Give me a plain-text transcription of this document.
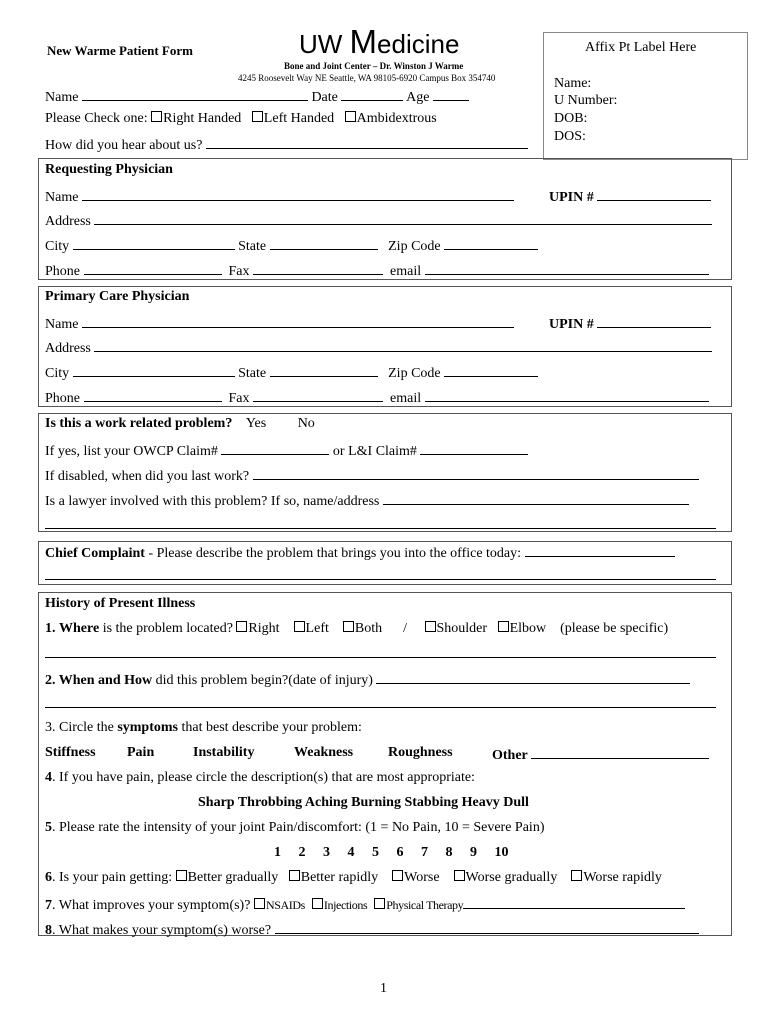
New Warme Patient Form	UW Medicine
Bone and Joint Center – Dr. Winston J Warme
4245 Roosevelt Way NE Seattle, WA 98105-6920 Campus Box 354740
Affix Pt Label Here
Name:
U Number:
DOB:
DOS:
Name	Date	Age
Please Check one: Right Handed Left Handed Ambidextrous
How did you hear about us?
Requesting Physician
Name	UPIN #
Address
City	State	Zip Code
Phone	Fax	email
Primary Care Physician
Name	UPIN #
Address
City	State	Zip Code
Phone	Fax	email
Is this a work related problem? Yes No
If yes, list your OWCP Claim#	or L&I Claim#
If disabled, when did you last work?
Is a lawyer involved with this problem? If so, name/address
Chief Complaint - Please describe the problem that brings you into the office today:
History of Present Illness
1. Where is the problem located? Right Left Both / Shoulder Elbow (please be specific)
2. When and How did this problem begin?(date of injury)
3. Circle the symptoms that best describe your problem:
Stiffness Pain	Instability	Weakness Roughness	Other
4. If you have pain, please circle the description(s) that are most appropriate:
Sharp Throbbing Aching Burning Stabbing Heavy Dull
5. Please rate the intensity of your joint Pain/discomfort: (1 = No Pain, 10 = Severe Pain)
1 2 3 4 5 6 7 8 9 10
6. Is your pain getting: Better gradually Better rapidly Worse Worse gradually Worse rapidly
7. What improves your symptom(s)? NSAIDs Injections Physical Therapy
8. What makes your symptom(s) worse?
1
